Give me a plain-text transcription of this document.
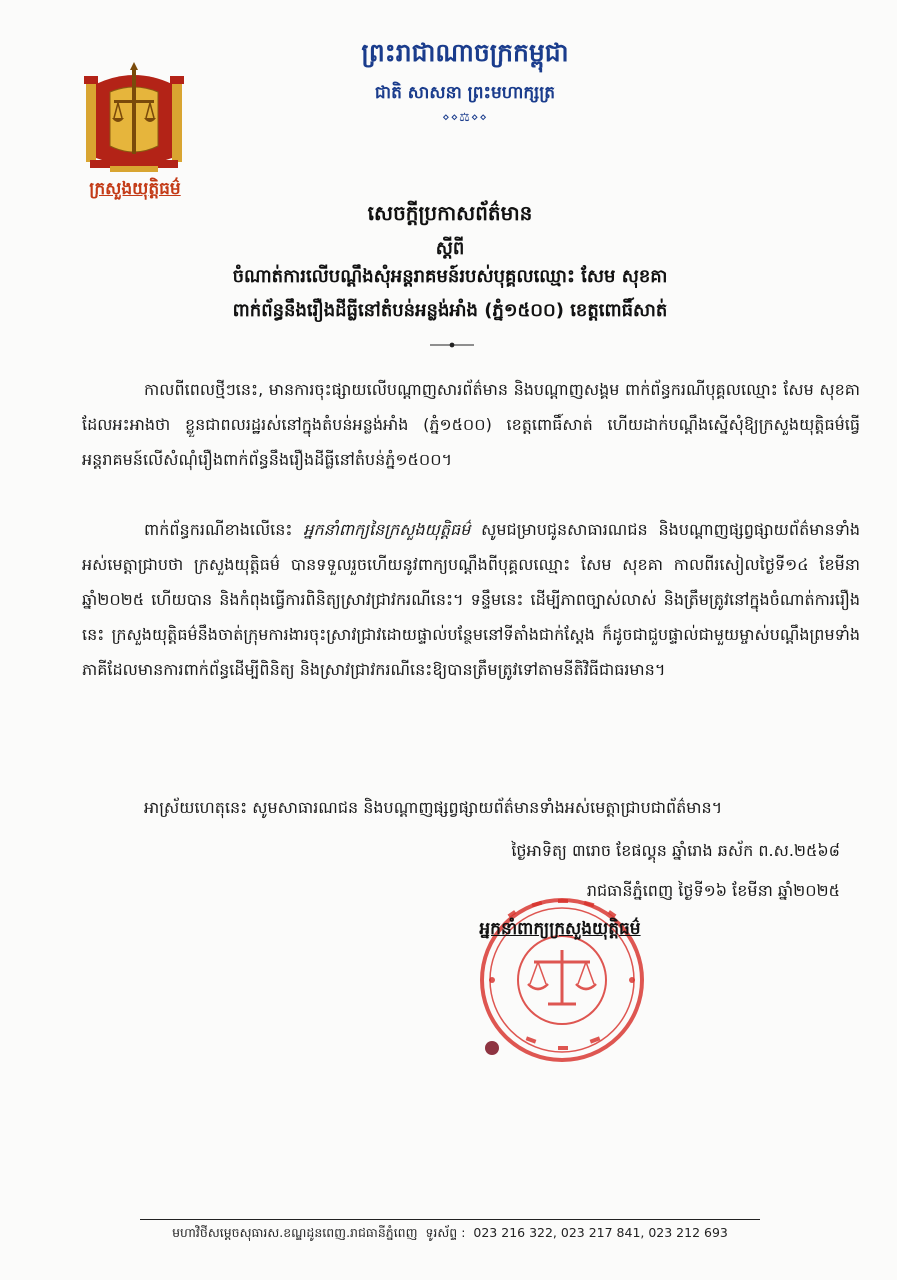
ក្រសួងយុត្តិធម៌
ព្រះរាជាណាចក្រកម្ពុជា
ជាតិ សាសនា ព្រះមហាក្សត្រ
⋄⋄⚖⋄⋄
សេចក្តីប្រកាសព័ត៌មាន
ស្តីពី
ចំណាត់ការលើបណ្តឹងសុំអន្តរាគមន៍របស់បុគ្គលឈ្មោះ សែម សុខគា
ពាក់ព័ន្ធនឹងរឿងដីធ្លីនៅតំបន់អន្លង់អាំង (ភ្នំ១៥០០) ខេត្តពោធិ៍សាត់
កាលពីពេលថ្មីៗនេះ, មានការចុះផ្សាយលើបណ្តាញសារព័ត៌មាន និងបណ្តាញសង្គម ពាក់ព័ន្ធករណីបុគ្គលឈ្មោះ សែម សុខគា ដែលអះអាងថា ខ្លួនជាពលរដ្ឋរស់នៅក្នុងតំបន់អន្លង់អាំង (ភ្នំ១៥០០) ខេត្តពោធិ៍សាត់ ហើយដាក់បណ្តឹងស្នើសុំឱ្យក្រសួងយុត្តិធម៌ធ្វើអន្តរាគមន៍លើសំណុំរឿងពាក់ព័ន្ធនឹងរឿងដីធ្លីនៅតំបន់ភ្នំ១៥០០។
ពាក់ព័ន្ធករណីខាងលើនេះ អ្នកនាំពាក្យនៃក្រសួងយុត្តិធម៌ សូមជម្រាបជូនសាធារណជន និងបណ្តាញផ្សព្វផ្សាយព័ត៌មានទាំងអស់មេត្តាជ្រាបថា ក្រសួងយុត្តិធម៌ បានទទួលរួចហើយនូវពាក្យបណ្តឹងពីបុគ្គលឈ្មោះ សែម សុខគា កាលពីរសៀលថ្ងៃទី១៤ ខែមីនា ឆ្នាំ២០២៥ ហើយបាន និងកំពុងធ្វើការពិនិត្យស្រាវជ្រាវករណីនេះ។ ទន្ទឹមនេះ ដើម្បីភាពច្បាស់លាស់ និងត្រឹមត្រូវនៅក្នុងចំណាត់ការរឿងនេះ ក្រសួងយុត្តិធម៌នឹងចាត់ក្រុមការងារចុះស្រាវជ្រាវដោយផ្ទាល់បន្ថែមនៅទីតាំងជាក់ស្តែង ក៏ដូចជាជួបផ្ទាល់ជាមួយម្ចាស់បណ្តឹងព្រមទាំងភាគីដែលមានការពាក់ព័ន្ធដើម្បីពិនិត្យ និងស្រាវជ្រាវករណីនេះឱ្យបានត្រឹមត្រូវទៅតាមនីតិវិធីជាធរមាន។
អាស្រ័យហេតុនេះ សូមសាធារណជន និងបណ្តាញផ្សព្វផ្សាយព័ត៌មានទាំងអស់មេត្តាជ្រាបជាព័ត៌មាន។
ថ្ងៃអាទិត្យ ៣រោច ខែផល្គុន ឆ្នាំរោង ឆស័ក ព.ស.២៥៦៨
រាជធានីភ្នំពេញ ថ្ងៃទី១៦ ខែមីនា ឆ្នាំ២០២៥
អ្នកនាំពាក្យក្រសួងយុត្តិធម៌
មហាវិថីសម្តេចសុធារស.ខណ្ឌដូនពេញ.រាជធានីភ្នំពេញ ទូរស័ព្ទ : 023 216 322, 023 217 841, 023 212 693
